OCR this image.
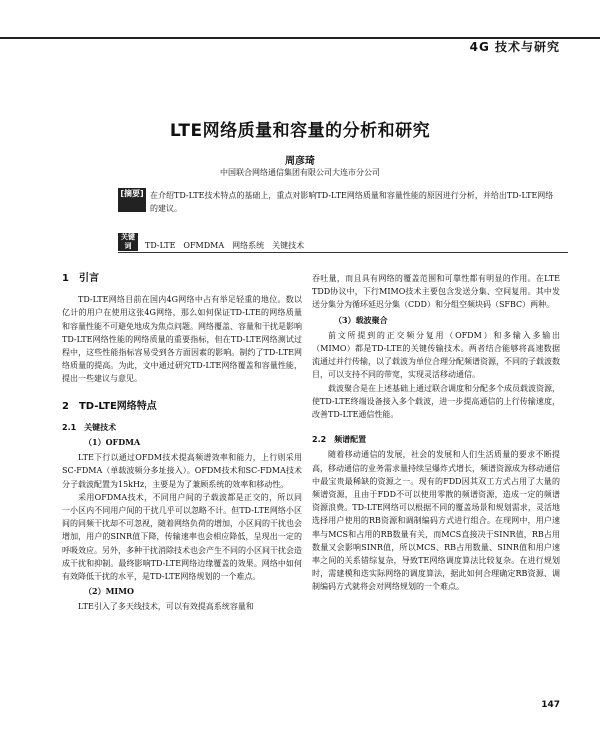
4G 技术与研究
LTE网络质量和容量的分析和研究
周彦琦
中国联合网络通信集团有限公司大连市分公司
[摘要] 在介绍TD-LTE技术特点的基础上，重点对影响TD-LTE网络质量和容量性能的原因进行分析，并给出TD-LTE网络的建议。
关键词	TD-LTE　OFMDMA　网络系统　关键技术
1　引言

TD-LTE网络目前在国内4G网络中占有举足轻重的地位。数以亿计的用户在使用这张4G网络，那么如何保证TD-LTE的网络质量和容量性能不可避免地成为焦点问题。网络覆盖、容量和干扰是影响TD-LTE网络性能的网络质量的重要指标，但在TD-LTE网络测试过程中，这些性能指标容易受到各方面因素的影响。制约了TD-LTE网络质量的提高。为此，文中通过研究TD-LTE网络覆盖和容量性能，提出一些建议与意见。

2　TD-LTE网络特点
2.1　关键技术
（1）OFDMA

LTE下行以通过OFDM技术提高频谱效率和能力，上行则采用SC-FDMA（单载波频分多址接入）。OFDM技术和SC-FDMA技术分子载波配置为15kHz，主要是为了兼顾系统的效率和移动性。

采用OFDMA技术，不同用户间的子载波都是正交的，所以同一小区内不同用户间的干扰几乎可以忽略不计。但TD-LTE网络小区间的同频干扰却不可忽视，随着网络负荷的增加，小区间的干扰也会增加，用户的SINR值下降，传输速率也会相应降低，呈现出一定的呼吸效应。另外，多种干扰消除技术也会产生不同的小区间干扰会造成干扰和抑制。最终影响TD-LTE网络边缘覆盖的效果。网络中如何有效降低干扰的水平，是TD-LTE网络规划的一个难点。

（2）MIMO

LTE引入了多天线技术，可以有效提高系统容量和

吞吐量，而且具有网络的覆盖范围和可靠性都有明显的作用。在LTE TDD协议中，下行MIMO技术主要包含发送分集、空间复用。其中发送分集分为循环延迟分集（CDD）和分组空频块码（SFBC）两种。

（3）载波聚合

前文所提到的正交频分复用（OFDM）和多输入多输出（MIMO）都是TD-LTE的关键传输技术。两者结合能够将高速数据流通过并行传输，以了载波为单位合理分配频谱资源，不同的子载波数目，可以支持不同的带宽，实现灵活移动通信。

载波聚合是在上述基础上通过联合调度和分配多个成员载波资源，使TD-LTE终端设备接入多个载波，进一步提高通信的上行传输速度，改善TD-LTE通信性能。

2.2　频谱配置

随着移动通信的发展，社会的发展和人们生活质量的要求不断提高，移动通信的业务需求量持续呈爆炸式增长，频谱资源成为移动通信中最宝贵最稀缺的资源之一。现有的FDD因其双工方式占用了大量的频谱资源，且由于FDD不可以使用零散的频谱资源，造成一定的频谱资源浪费。TD-LTE网络可以根据不同的覆盖场景和规划需求，灵活地选择用户使用的RB资源和调制编码方式进行组合。在现网中，用户速率与MCS和占用的RB数量有关，而MCS直接决于SINR值，RB占用数量又会影响SINR值，所以MCS、RB占用数量、SINR值和用户速率之间的关系错综复杂，导致TE网络调度算法比较复杂。在进行规划时，需建模和迭实际网络的调度算法，据此如何合理确定RB资源、调制编码方式就将会对网络规划的一个难点。

147
